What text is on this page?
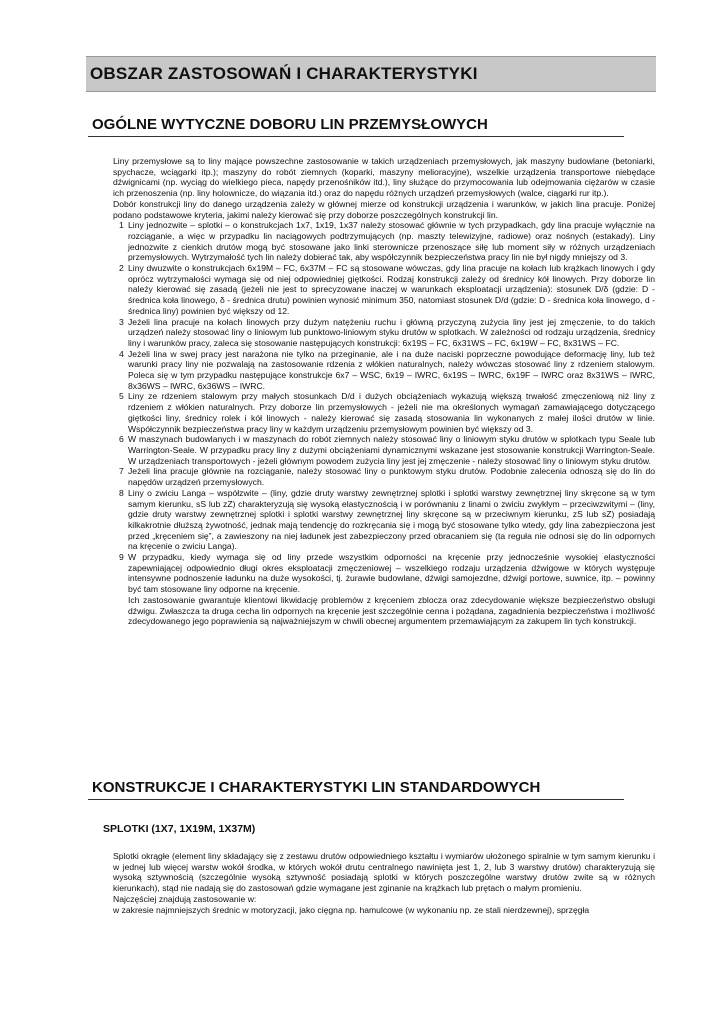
OBSZAR ZASTOSOWAŃ I CHARAKTERYSTYKI
OGÓLNE WYTYCZNE DOBORU LIN PRZEMYSŁOWYCH

Liny przemysłowe są to liny mające powszechne zastosowanie w takich urządzeniach przemysłowych, jak maszyny budowlane (betoniarki, spychacze, wciągarki itp.); maszyny do robót ziemnych (koparki, maszyny melioracyjne), wszelkie urządzenia transportowe niebędące dźwignicami (np. wyciąg do wielkiego pieca, napędy przenośników itd.), liny służące do przymocowania lub odejmowania ciężarów w czasie ich przenoszenia (np. liny holownicze, do wiązania itd.) oraz do napędu różnych urządzeń przemysłowych (walce, ciągarki rur itp.).

Dobór konstrukcji liny do danego urządzenia zależy w głównej mierze od konstrukcji urządzenia i warunków, w jakich lina pracuje. Poniżej podano podstawowe kryteria, jakimi należy kierować się przy doborze poszczególnych konstrukcji lin.

1 Liny jednozwite – splotki – o konstrukcjach 1x7, 1x19, 1x37 należy stosować głównie w tych przypadkach, gdy lina pracuje wyłącznie na rozciąganie, a więc w przypadku lin naciągowych podtrzymujących (np. maszty telewizyjne, radiowe) oraz nośnych (estakady). Liny jednozwite z cienkich drutów mogą być stosowane jako linki sterownicze przenoszące siłę lub moment siły w różnych urządzeniach przemysłowych. Wytrzymałość tych lin należy dobierać tak, aby współczynnik bezpieczeństwa pracy lin nie był nigdy mniejszy od 3.
2 Liny dwuzwite o konstrukcjach 6x19M – FC, 6x37M – FC są stosowane wówczas, gdy lina pracuje na kołach lub krążkach linowych i gdy oprócz wytrzymałości wymaga się od niej odpowiedniej giętkości. Rodzaj konstrukcji zależy od średnicy kół linowych. Przy doborze lin należy kierować się zasadą (jeżeli nie jest to sprecyzowane inaczej w warunkach eksploatacji urządzenia): stosunek D/δ (gdzie: D - średnica koła linowego, δ - średnica drutu) powinien wynosić minimum 350, natomiast stosunek D/d (gdzie: D - średnica koła linowego, d - średnica liny) powinien być większy od 12.
3 Jeżeli lina pracuje na kołach linowych przy dużym natężeniu ruchu i główną przyczyną zużycia liny jest jej zmęczenie, to do takich urządzeń należy stosować liny o liniowym lub punktowo-liniowym styku drutów w splotkach. W zależności od rodzaju urządzenia, średnicy liny i warunków pracy, zaleca się stosowanie następujących konstrukcji: 6x19S – FC, 6x31WS – FC, 6x19W – FC, 8x31WS – FC.
4 Jeżeli lina w swej pracy jest narażona nie tylko na przeginanie, ale i na duże naciski poprzeczne powodujące deformację liny, lub też warunki pracy liny nie pozwalają na zastosowanie rdzenia z włókien naturalnych, należy wówczas stosować liny z rdzeniem stalowym. Poleca się w tym przypadku następujące konstrukcje 6x7 – WSC, 6x19 – IWRC, 6x19S – IWRC, 6x19F – IWRC oraz 8x31WS – IWRC, 8x36WS – IWRC, 6x36WS – IWRC.
5 Liny ze rdzeniem stalowym przy małych stosunkach D/d i dużych obciążeniach wykazują większą trwałość zmęczeniową niż liny z rdzeniem z włókien naturalnych. Przy doborze lin przemysłowych - jeżeli nie ma określonych wymagań zamawiającego dotyczącego giętkości liny, średnicy rolek i kół linowych - należy kierować się zasadą stosowania lin wykonanych z małej ilości drutów w linie. Współczynnik bezpieczeństwa pracy liny w każdym urządzeniu przemysłowym powinien być większy od 3.
6 W maszynach budowlanych i w maszynach do robót ziemnych należy stosować liny o liniowym styku drutów w splotkach typu Seale lub Warrington-Seale. W przypadku pracy liny z dużymi obciążeniami dynamicznymi wskazane jest stosowanie konstrukcji Warrington-Seale. W urządzeniach transportowych - jeżeli głównym powodem zużycia liny jest jej zmęczenie - należy stosować liny o liniowym styku drutów.
7 Jeżeli lina pracuje głównie na rozciąganie, należy stosować liny o punktowym styku drutów. Podobnie zalecenia odnoszą się do lin do napędów urządzeń przemysłowych.
8 Liny o zwiciu Langa – współzwite – (liny, gdzie druty warstwy zewnętrznej splotki i splotki warstwy zewnętrznej liny skręcone są w tym samym kierunku, sS lub zZ) charakteryzują się wysoką elastycznością i w porównaniu z linami o zwiciu zwykłym – przeciwzwitymi – (liny, gdzie druty warstwy zewnętrznej splotki i splotki warstwy zewnętrznej liny skręcone są w przeciwnym kierunku, zS lub sZ) posiadają kilkakrotnie dłuższą żywotność, jednak mają tendencję do rozkręcania się i mogą być stosowane tylko wtedy, gdy lina zabezpieczona jest przed „kręceniem się”, a zawieszony na niej ładunek jest zabezpieczony przed obracaniem się (ta reguła nie odnosi się do lin odpornych na kręcenie o zwiciu Langa).
9 W przypadku, kiedy wymaga się od liny przede wszystkim odporności na kręcenie przy jednocześnie wysokiej elastyczności zapewniającej odpowiednio długi okres eksploatacji zmęczeniowej – wszelkiego rodzaju urządzenia dźwigowe w których występuje intensywne podnoszenie ładunku na duże wysokości, tj. żurawie budowlane, dźwigi samojezdne, dźwigi portowe, suwnice, itp. – powinny być tam stosowane liny odporne na kręcenie.
Ich zastosowanie gwarantuje klientowi likwidację problemów z kręceniem zblocza oraz zdecydowanie większe bezpieczeństwo obsługi dźwigu. Zwłaszcza ta druga cecha lin odpornych na kręcenie jest szczególnie cenna i pożądana, zagadnienia bezpieczeństwa i możliwość zdecydowanego jego poprawienia są najważniejszym w chwili obecnej argumentem przemawiającym za zakupem lin tych konstrukcji.
KONSTRUKCJE I CHARAKTERYSTYKI LIN STANDARDOWYCH
SPLOTKI (1X7, 1X19M, 1X37M)

Splotki okrągłe (element liny składający się z zestawu drutów odpowiedniego kształtu i wymiarów ułożonego spiralnie w tym samym kierunku i w jednej lub więcej warstw wokół środka, w których wokół drutu centralnego nawinięta jest 1, 2, lub 3 warstwy drutów) charakteryzują się wysoką sztywnością (szczególnie wysoką sztywność posiadają splotki w których poszczególne warstwy drutów zwite są w różnych kierunkach), stąd nie nadają się do zastosowań gdzie wymagane jest zginanie na krążkach lub prętach o małym promieniu.

Najczęściej znajdują zastosowanie w:

w zakresie najmniejszych średnic w motoryzacji, jako cięgna np. hamulcowe (w wykonaniu np. ze stali nierdzewnej), sprzęgła
